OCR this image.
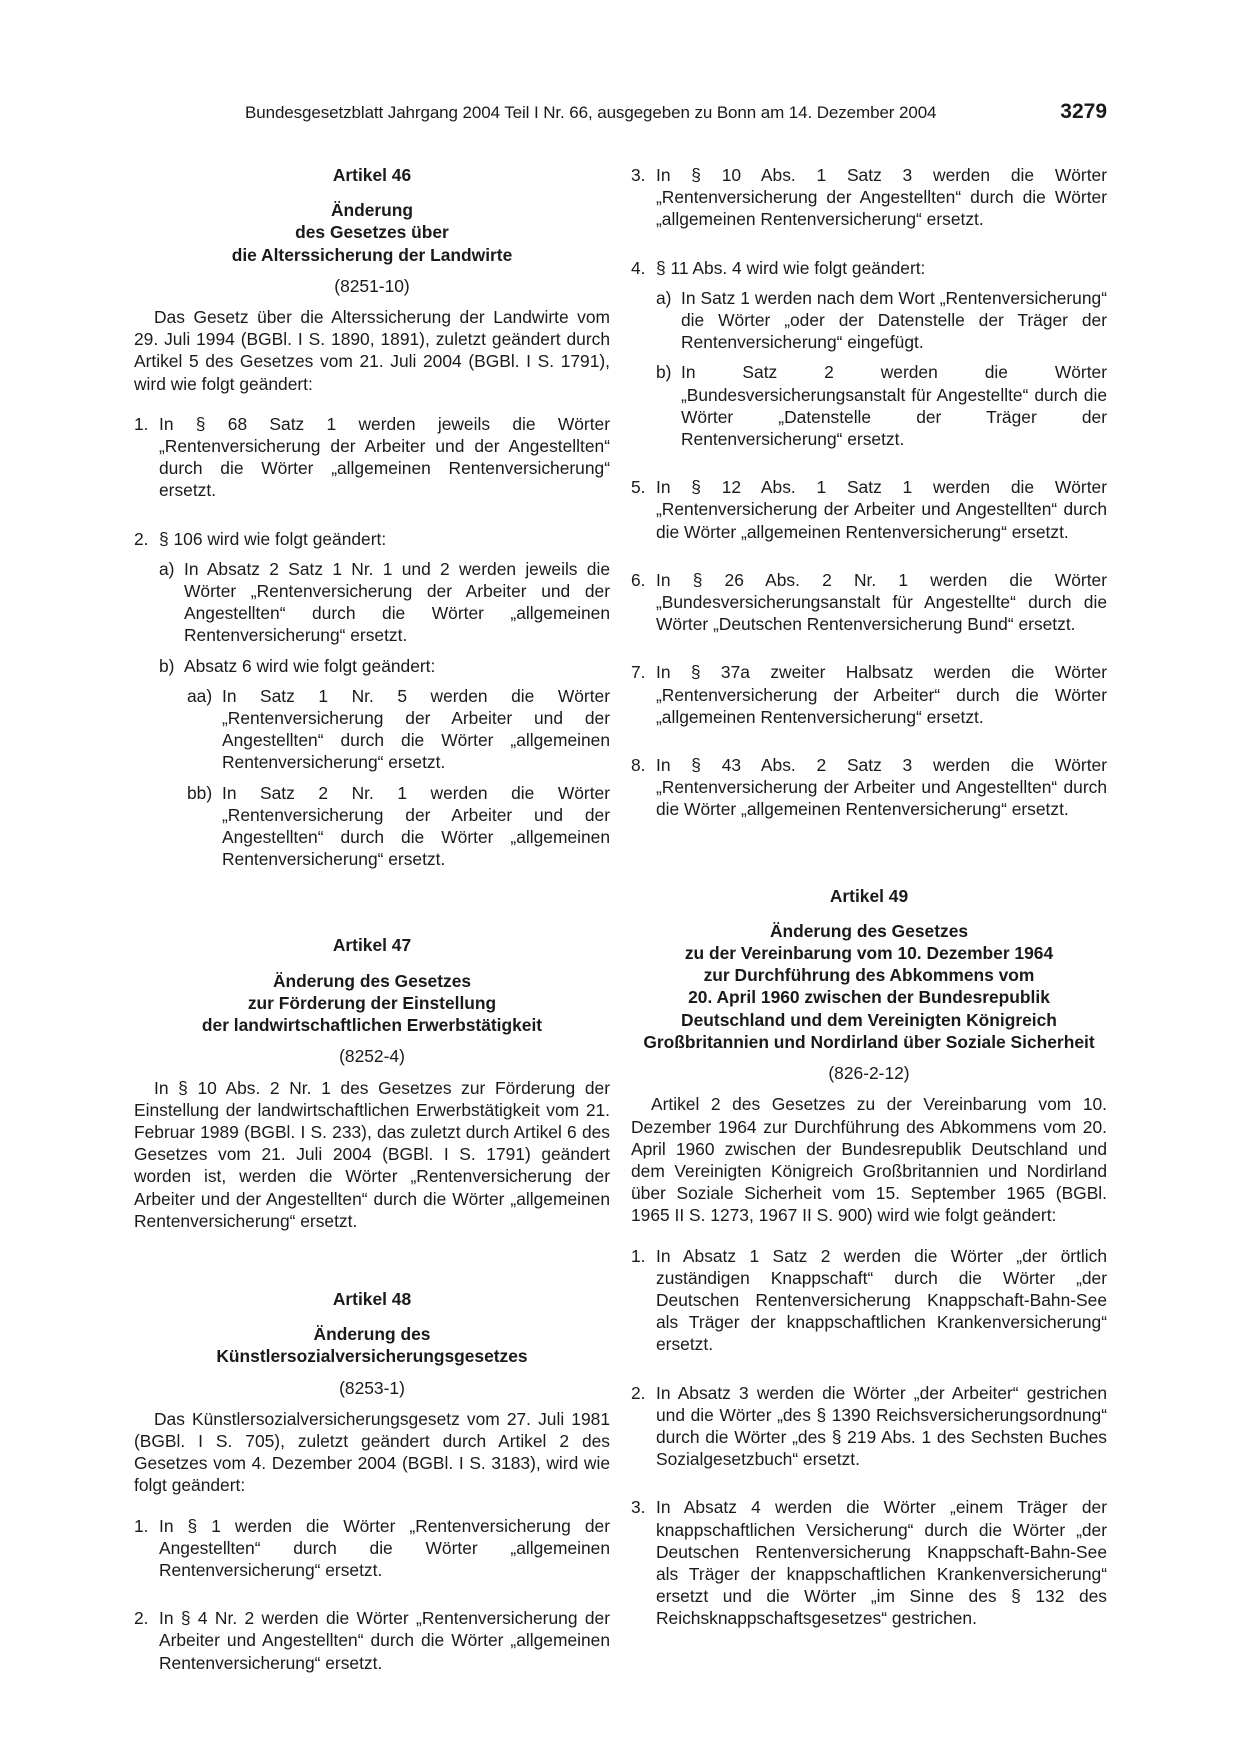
Bundesgesetzblatt Jahrgang 2004 Teil I Nr. 66, ausgegeben zu Bonn am 14. Dezember 2004	3279
Artikel 46
Änderung
des Gesetzes über
die Alterssicherung der Landwirte
(8251-10)

Das Gesetz über die Alterssicherung der Landwirte vom 29. Juli 1994 (BGBl. I S. 1890, 1891), zuletzt geändert durch Artikel 5 des Gesetzes vom 21. Juli 2004 (BGBl. I S. 1791), wird wie folgt geändert:

1. In § 68 Satz 1 werden jeweils die Wörter „Rentenversicherung der Arbeiter und der Angestellten“ durch die Wörter „allgemeinen Rentenversicherung“ ersetzt.
2. § 106 wird wie folgt geändert:
a) In Absatz 2 Satz 1 Nr. 1 und 2 werden jeweils die Wörter „Rentenversicherung der Arbeiter und der Angestellten“ durch die Wörter „allgemeinen Rentenversicherung“ ersetzt.
b) Absatz 6 wird wie folgt geändert:
aa) In Satz 1 Nr. 5 werden die Wörter „Rentenversicherung der Arbeiter und der Angestellten“ durch die Wörter „allgemeinen Rentenversicherung“ ersetzt.
bb) In Satz 2 Nr. 1 werden die Wörter „Rentenversicherung der Arbeiter und der Angestellten“ durch die Wörter „allgemeinen Rentenversicherung“ ersetzt.
Artikel 47
Änderung des Gesetzes
zur Förderung der Einstellung
der landwirtschaftlichen Erwerbstätigkeit
(8252-4)

In § 10 Abs. 2 Nr. 1 des Gesetzes zur Förderung der Einstellung der landwirtschaftlichen Erwerbstätigkeit vom 21. Februar 1989 (BGBl. I S. 233), das zuletzt durch Artikel 6 des Gesetzes vom 21. Juli 2004 (BGBl. I S. 1791) geändert worden ist, werden die Wörter „Rentenversicherung der Arbeiter und der Angestellten“ durch die Wörter „allgemeinen Rentenversicherung“ ersetzt.

Artikel 48
Änderung des
Künstlersozialversicherungsgesetzes
(8253-1)

Das Künstlersozialversicherungsgesetz vom 27. Juli 1981 (BGBl. I S. 705), zuletzt geändert durch Artikel 2 des Gesetzes vom 4. Dezember 2004 (BGBl. I S. 3183), wird wie folgt geändert:

1. In § 1 werden die Wörter „Rentenversicherung der Angestellten“ durch die Wörter „allgemeinen Rentenversicherung“ ersetzt.
2. In § 4 Nr. 2 werden die Wörter „Rentenversicherung der Arbeiter und Angestellten“ durch die Wörter „allgemeinen Rentenversicherung“ ersetzt.
3. In § 10 Abs. 1 Satz 3 werden die Wörter „Rentenversicherung der Angestellten“ durch die Wörter „allgemeinen Rentenversicherung“ ersetzt.
4. § 11 Abs. 4 wird wie folgt geändert:
a) In Satz 1 werden nach dem Wort „Rentenversicherung“ die Wörter „oder der Datenstelle der Träger der Rentenversicherung“ eingefügt.
b) In Satz 2 werden die Wörter „Bundesversicherungsanstalt für Angestellte“ durch die Wörter „Datenstelle der Träger der Rentenversicherung“ ersetzt.
5. In § 12 Abs. 1 Satz 1 werden die Wörter „Rentenversicherung der Arbeiter und Angestellten“ durch die Wörter „allgemeinen Rentenversicherung“ ersetzt.
6. In § 26 Abs. 2 Nr. 1 werden die Wörter „Bundesversicherungsanstalt für Angestellte“ durch die Wörter „Deutschen Rentenversicherung Bund“ ersetzt.
7. In § 37a zweiter Halbsatz werden die Wörter „Rentenversicherung der Arbeiter“ durch die Wörter „allgemeinen Rentenversicherung“ ersetzt.
8. In § 43 Abs. 2 Satz 3 werden die Wörter „Rentenversicherung der Arbeiter und Angestellten“ durch die Wörter „allgemeinen Rentenversicherung“ ersetzt.
Artikel 49
Änderung des Gesetzes
zu der Vereinbarung vom 10. Dezember 1964
zur Durchführung des Abkommens vom
20. April 1960 zwischen der Bundesrepublik
Deutschland und dem Vereinigten Königreich
Großbritannien und Nordirland über Soziale Sicherheit
(826-2-12)

Artikel 2 des Gesetzes zu der Vereinbarung vom 10. Dezember 1964 zur Durchführung des Abkommens vom 20. April 1960 zwischen der Bundesrepublik Deutschland und dem Vereinigten Königreich Großbritannien und Nordirland über Soziale Sicherheit vom 15. September 1965 (BGBl. 1965 II S. 1273, 1967 II S. 900) wird wie folgt geändert:

1. In Absatz 1 Satz 2 werden die Wörter „der örtlich zuständigen Knappschaft“ durch die Wörter „der Deutschen Rentenversicherung Knappschaft-Bahn-See als Träger der knappschaftlichen Krankenversicherung“ ersetzt.
2. In Absatz 3 werden die Wörter „der Arbeiter“ gestrichen und die Wörter „des § 1390 Reichsversicherungsordnung“ durch die Wörter „des § 219 Abs. 1 des Sechsten Buches Sozialgesetzbuch“ ersetzt.
3. In Absatz 4 werden die Wörter „einem Träger der knappschaftlichen Versicherung“ durch die Wörter „der Deutschen Rentenversicherung Knappschaft-Bahn-See als Träger der knappschaftlichen Krankenversicherung“ ersetzt und die Wörter „im Sinne des § 132 des Reichsknappschaftsgesetzes“ gestrichen.
